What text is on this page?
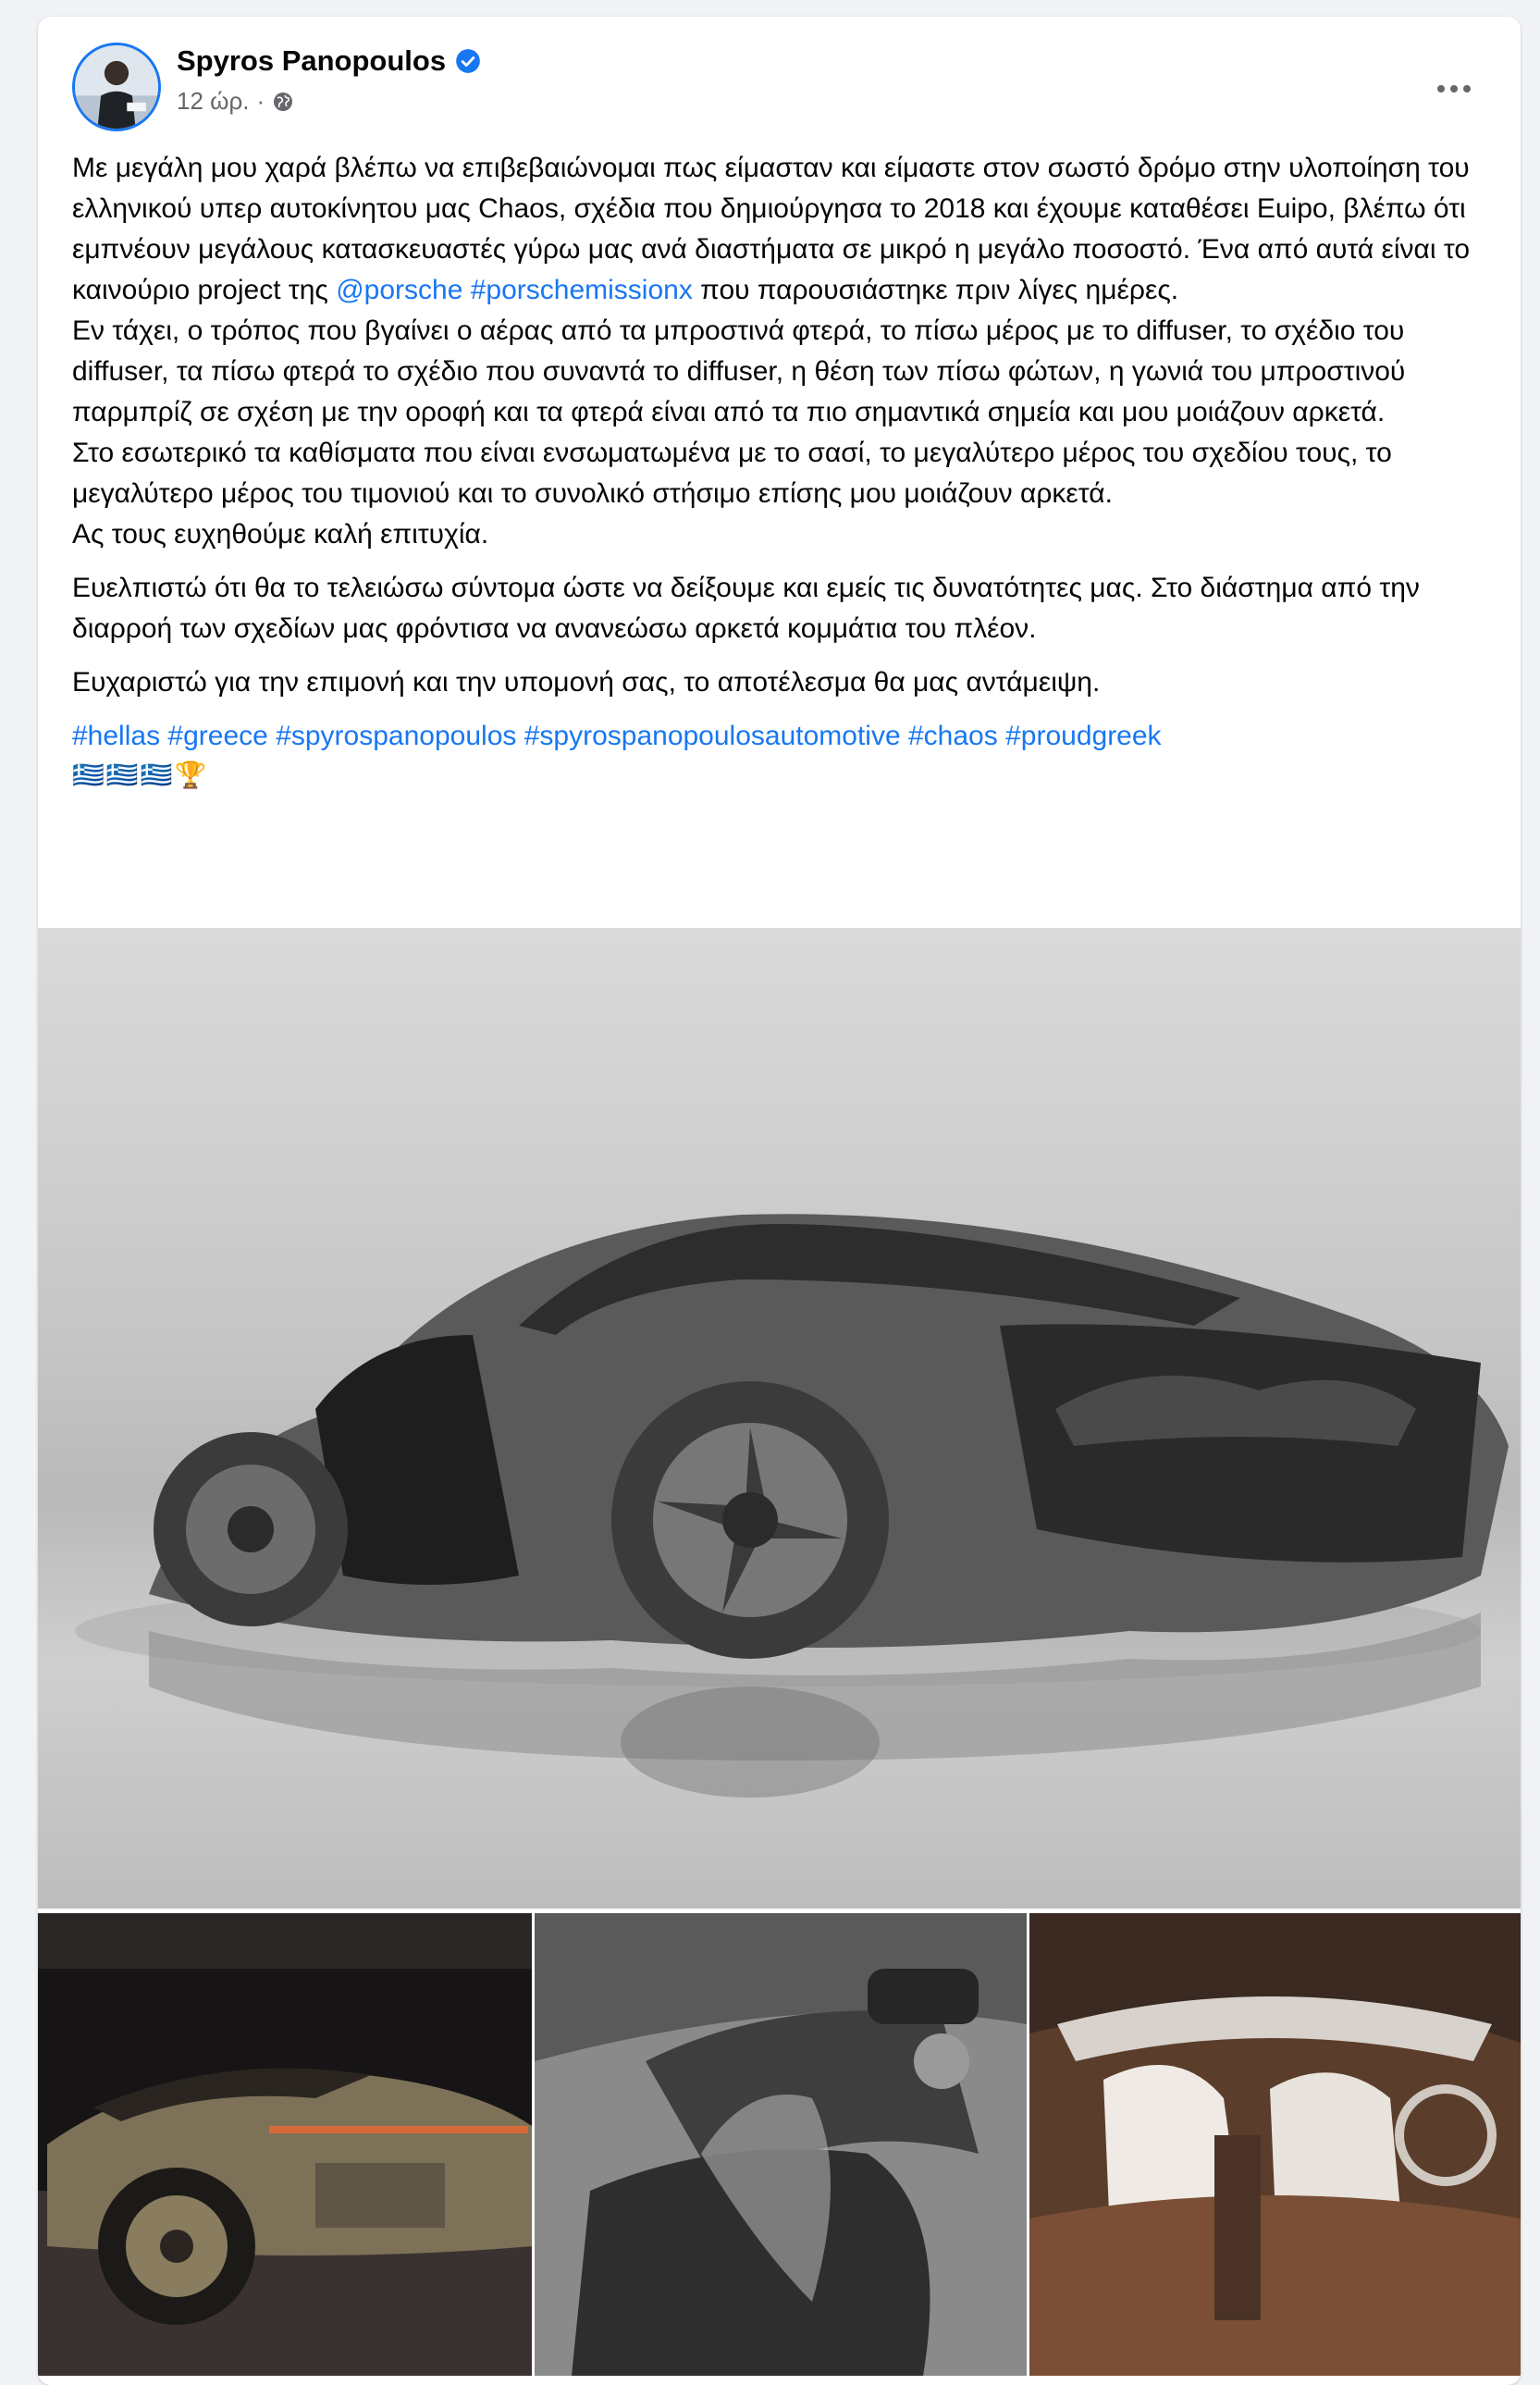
Spyros Panopoulos
12 ώρ. ·

Με μεγάλη μου χαρά βλέπω να επιβεβαιώνομαι πως είμασταν και είμαστε στον σωστό δρόμο στην υλοποίηση του ελληνικού υπερ αυτοκίνητου μας Chaos, σχέδια που δημιούργησα το 2018 και έχουμε καταθέσει Euipo, βλέπω ότι εμπνέουν μεγάλους κατασκευαστές γύρω μας ανά διαστήματα σε μικρό η μεγάλο ποσοστό. Ένα από αυτά είναι το καινούριο project της @porsche #porschemissionx που παρουσιάστηκε πριν λίγες ημέρες.
Εν τάχει, ο τρόπος που βγαίνει ο αέρας από τα μπροστινά φτερά, το πίσω μέρος με το diffuser, το σχέδιο του diffuser, τα πίσω φτερά το σχέδιο που συναντά το diffuser, η θέση των πίσω φώτων, η γωνιά του μπροστινού παρμπρίζ σε σχέση με την οροφή και τα φτερά είναι από τα πιο σημαντικά σημεία και μου μοιάζουν αρκετά.
Στο εσωτερικό τα καθίσματα που είναι ενσωματωμένα με το σασί, το μεγαλύτερο μέρος του σχεδίου τους, το μεγαλύτερο μέρος του τιμονιού και το συνολικό στήσιμο επίσης μου μοιάζουν αρκετά.
Ας τους ευχηθούμε καλή επιτυχία.

Ευελπιστώ ότι θα το τελειώσω σύντομα ώστε να δείξουμε και εμείς τις δυνατότητες μας. Στο διάστημα από την διαρροή των σχεδίων μας φρόντισα να ανανεώσω αρκετά κομμάτια του πλέον.

Ευχαριστώ για την επιμονή και την υπομονή σας, το αποτέλεσμα θα μας αντάμειψη.

#hellas #greece #spyrospanopoulos #spyrospanopoulosautomotive #chaos #proudgreek

🇬🇷🇬🇷🇬🇷🏆
